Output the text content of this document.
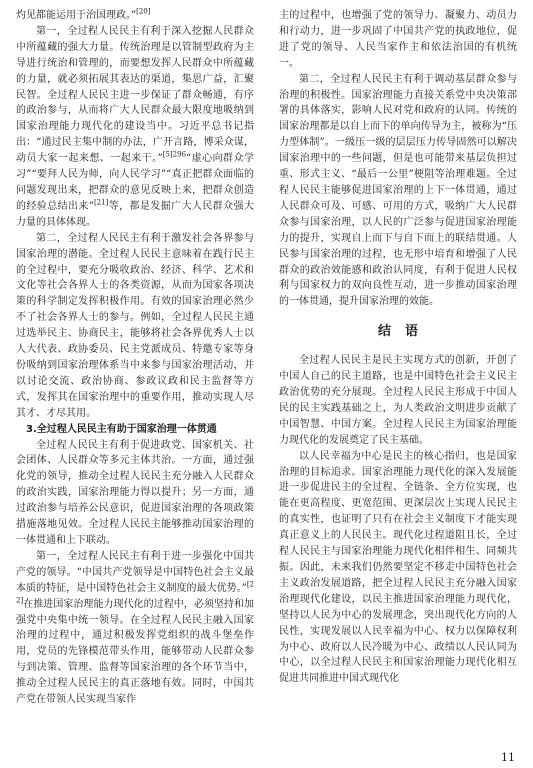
灼见都能运用于治国理政。”[20]

第一，全过程人民民主有利于深入挖掘人民群众中所蕴藏的强大力量。传统治理是以管制型政府为主导进行统治和管理的，而要想发挥人民群众中所蕴藏的力量，就必须拓展其表达的渠道，集思广益，汇聚民智。全过程人民民主进一步保证了群众畅通，有序的政治参与，从而将广大人民群众最大限度地吸纳到国家治理能力现代化的建设当中。习近平总书记指出：“通过民主集中制的办法，广开言路，博采众谋，动员大家一起来想、一起来干。”$^{[5]296}$“虚心向群众学习”“要拜人民为师，向人民学习”“真正把群众面临的问题发现出来，把群众的意见反映上来，把群众创造的经验总结出来”[21]等，都是发掘广大人民群众强大力量的具体体现。

第二，全过程人民民主有利于激发社会各界参与国家治理的潜能。全过程人民民主意味着在践行民主的全过程中，要充分吸收政治、经济、科学、艺术和文化等社会各界人士的各类资源，从而为国家各项决策的科学制定发挥积极作用。有效的国家治理必然少不了社会各界人士的参与。例如，全过程人民民主通过选举民主、协商民主，能够将社会各界优秀人士以人大代表、政协委员、民主党派成员、特邀专家等身份吸纳到国家治理体系当中来参与国家治理活动，并以讨论交流、政治协商、参政议政和民主监督等方式，发挥其在国家治理中的重要作用，推动实现人尽其才、才尽其用。

3.全过程人民民主有助于国家治理一体贯通

全过程人民民主有利于促进政党、国家机关、社会团体、人民群众等多元主体共治。一方面，通过强化党的领导，推动全过程人民民主充分融入人民群众的政治实践，国家治理能力得以提升；另一方面，通过政治参与培养公民意识，促进国家治理的各项政策措施落地见效。全过程人民民主能够推动国家治理的一体贯通和上下联动。

第一，全过程人民民主有利于进一步强化中国共产党的领导。“中国共产党领导是中国特色社会主义最本质的特征，是中国特色社会主义制度的最大优势。”[22]在推进国家治理能力现代化的过程中，必须坚持和加强党中央集中统一领导。在全过程人民民主融入国家治理的过程中，通过积极发挥党组织的战斗堡垒作用，党员的先锋模范带头作用，能够带动人民群众参与到决策、管理、监督等国家治理的各个环节当中，推动全过程人民民主的真正落地有效。同时，中国共产党在带领人民实现当家作

主的过程中，也增强了党的领导力、凝聚力、动员力和行动力，进一步巩固了中国共产党的执政地位，促进了党的领导、人民当家作主和依法治国的有机统一。

第二，全过程人民民主有利于调动基层群众参与治理的积极性。国家治理能力直接关系党中央决策部署的具体落实，影响人民对党和政府的认同。传统的国家治理都是以自上而下的单向传导为主，被称为“压力型体制”。一级压一级的层层压力传导固然可以解决国家治理中的一些问题，但是也可能带来基层负担过重、形式主义、“最后一公里”梗阻等治理难题。全过程人民民主能够促进国家治理的上下一体贯通，通过人民群众可及、可感、可用的方式，吸纳广大人民群众参与国家治理，以人民的广泛参与促进国家治理能力的提升，实现自上而下与自下而上的联结贯通。人民参与国家治理的过程，也无形中培育和增强了人民群众的政治效能感和政治认同度，有利于促进人民权利与国家权力的双向良性互动，进一步推动国家治理的一体贯通，提升国家治理的效能。

结语

全过程人民民主是民主实现方式的创新，开创了中国人自己的民主道路，也是中国特色社会主义民主政治优势的充分展现。全过程人民民主形成于中国人民的民主实践基础之上，为人类政治文明进步贡献了中国智慧、中国方案。全过程人民民主为国家治理能力现代化的发展奠定了民主基础。

以人民幸福为中心是民主的核心指归，也是国家治理的目标追求。国家治理能力现代化的深入发展能进一步促进民主的全过程、全链条、全方位实现，也能在更高程度、更宽范围、更深层次上实现人民民主的真实性，也证明了只有在社会主义制度下才能实现真正意义上的人民民主。现代化过程道阻且长，全过程人民民主与国家治理能力现代化相伴相生、同频共振。因此，未来我们仍然要坚定不移走中国特色社会主义政治发展道路，把全过程人民民主充分融入国家治理现代化建设，以民主推进国家治理能力现代化，坚持以人民为中心的发展理念，突出现代化方向的人民性，实现发展以人民幸福为中心、权力以保障权利为中心、政府以人民冷暖为中心、政绩以人民认同为中心，以全过程人民民主和国家治理能力现代化相互促进共同推进中国式现代化

11
